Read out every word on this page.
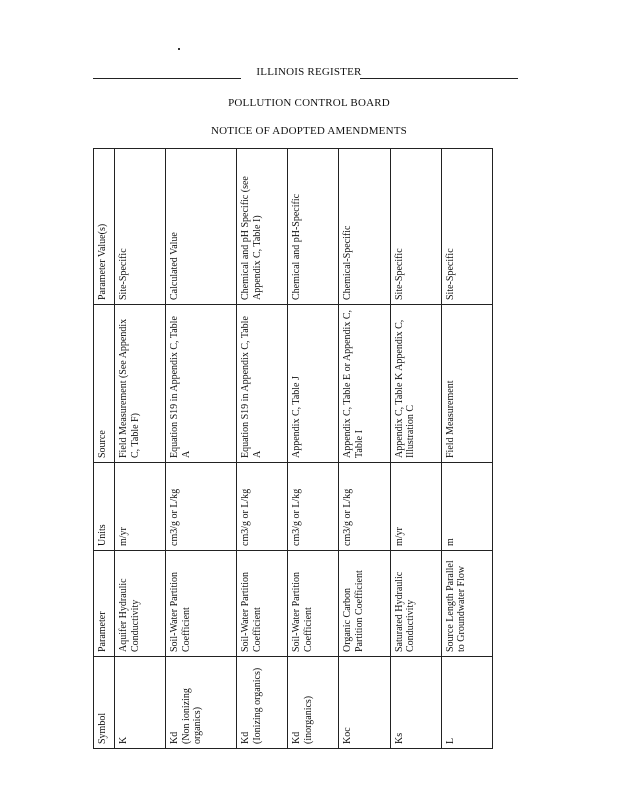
ILLINOIS REGISTER
POLLUTION CONTROL BOARD
NOTICE OF ADOPTED AMENDMENTS
Symbol	Parameter	Units	Source	Parameter Value(s)
K	Aquifer Hydraulic Conductivity	m/yr	Field Measurement (See Appendix C, Table F)	Site-Specific
Kd (Non ionizing organics)	Soil-Water Partition Coefficient	cm3/g or L/kg	Equation S19 in Appendix C, Table A	Calculated Value
Kd (Ionizing organics)	Soil-Water Partition Coefficient	cm3/g or L/kg	Equation S19 in Appendix C, Table A	Chemical and pH Specific (see Appendix C, Table I)
Kd (inorganics)	Soil-Water Partition Coefficient	cm3/g or L/kg	Appendix C, Table J	Chemical and pH-Specific
Koc	Organic Carbon Partition Coefficient	cm3/g or L/kg	Appendix C, Table E or Appendix C, Table I	Chemical-Specific
Ks	Saturated Hydraulic Conductivity	m/yr	Appendix C, Table K Appendix C, Illustration C	Site-Specific
L	Source Length Parallel to Groundwater Flow	m	Field Measurement	Site-Specific
